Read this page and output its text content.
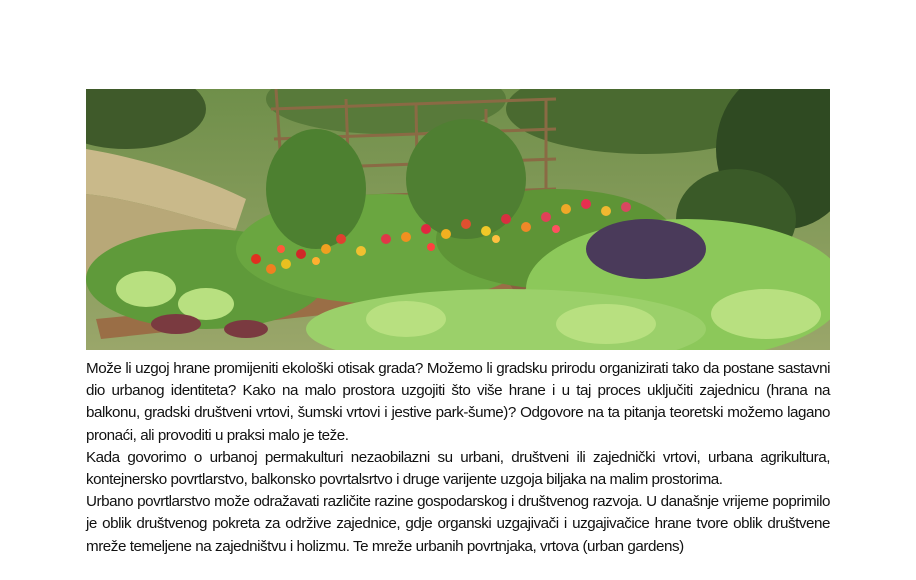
Može li uzgoj hrane promijeniti ekološki otisak grada? Možemo li gradsku prirodu organizirati tako da postane sastavni dio urbanog identiteta? Kako na malo prostora uzgojiti što više hrane i u taj proces uključiti zajednicu (hrana na balkonu, gradski društveni vrtovi, šumski vrtovi i jestive park-šume)? Odgovore na ta pitanja teoretski možemo lagano pronaći, ali provoditi u praksi malo je teže.

Kada govorimo o urbanoj permakulturi nezaobilazni su urbani, društveni ili zajednički vrtovi, urbana agrikultura, kontejnersko povrtlarstvo, balkonsko povrtalsrtvo i druge varijente uzgoja biljaka na malim prostorima.

Urbano povrtlarstvo može odražavati različite razine gospodarskog i društvenog razvoja. U današnje vrijeme poprimilo je oblik društvenog pokreta za održive zajednice, gdje organski uzgajivači i uzgajivačice hrane tvore oblik društvene mreže temeljene na zajedništvu i holizmu. Te mreže urbanih povrtnjaka, vrtova (urban gardens)
